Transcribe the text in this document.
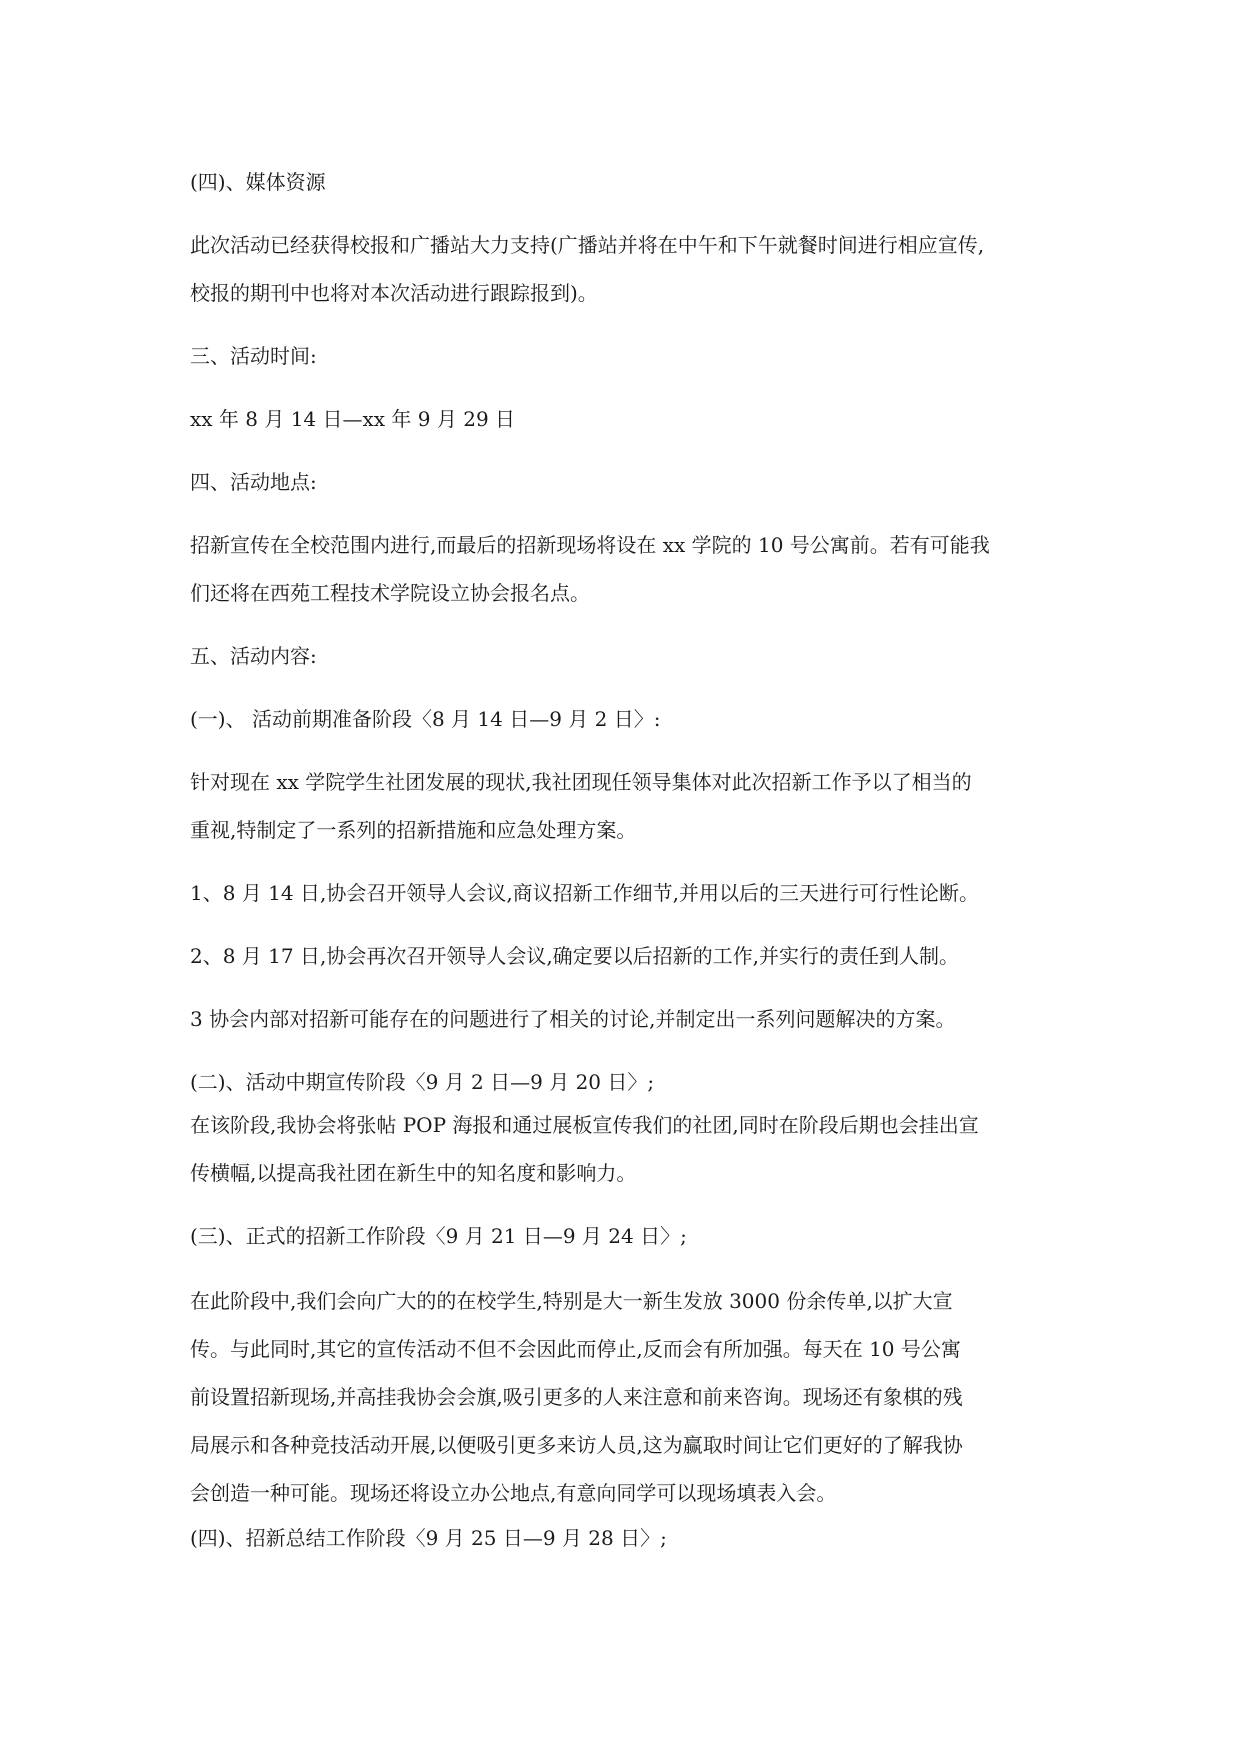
(四)、媒体资源
此次活动已经获得校报和广播站大力支持(广播站并将在中午和下午就餐时间进行相应宣传,
校报的期刊中也将对本次活动进行跟踪报到)。
三、活动时间:
xx 年 8 月 14 日—xx 年 9 月 29 日
四、活动地点:
招新宣传在全校范围内进行,而最后的招新现场将设在 xx 学院的 10 号公寓前。若有可能我
们还将在西苑工程技术学院设立协会报名点。
五、活动内容:
(一)、 活动前期准备阶段〈8 月 14 日—9 月 2 日〉:
针对现在 xx 学院学生社团发展的现状,我社团现任领导集体对此次招新工作予以了相当的
重视,特制定了一系列的招新措施和应急处理方案。
1、8 月 14 日,协会召开领导人会议,商议招新工作细节,并用以后的三天进行可行性论断。
2、8 月 17 日,协会再次召开领导人会议,确定要以后招新的工作,并实行的责任到人制。
3 协会内部对招新可能存在的问题进行了相关的讨论,并制定出一系列问题解决的方案。
(二)、活动中期宣传阶段〈9 月 2 日—9 月 20 日〉;
在该阶段,我协会将张帖 POP 海报和通过展板宣传我们的社团,同时在阶段后期也会挂出宣
传横幅,以提高我社团在新生中的知名度和影响力。
(三)、正式的招新工作阶段〈9 月 21 日—9 月 24 日〉;
在此阶段中,我们会向广大的的在校学生,特别是大一新生发放 3000 份余传单,以扩大宣
传。与此同时,其它的宣传活动不但不会因此而停止,反而会有所加强。每天在 10 号公寓
前设置招新现场,并高挂我协会会旗,吸引更多的人来注意和前来咨询。现场还有象棋的残
局展示和各种竞技活动开展,以便吸引更多来访人员,这为赢取时间让它们更好的了解我协
会创造一种可能。现场还将设立办公地点,有意向同学可以现场填表入会。
(四)、招新总结工作阶段〈9 月 25 日—9 月 28 日〉;
